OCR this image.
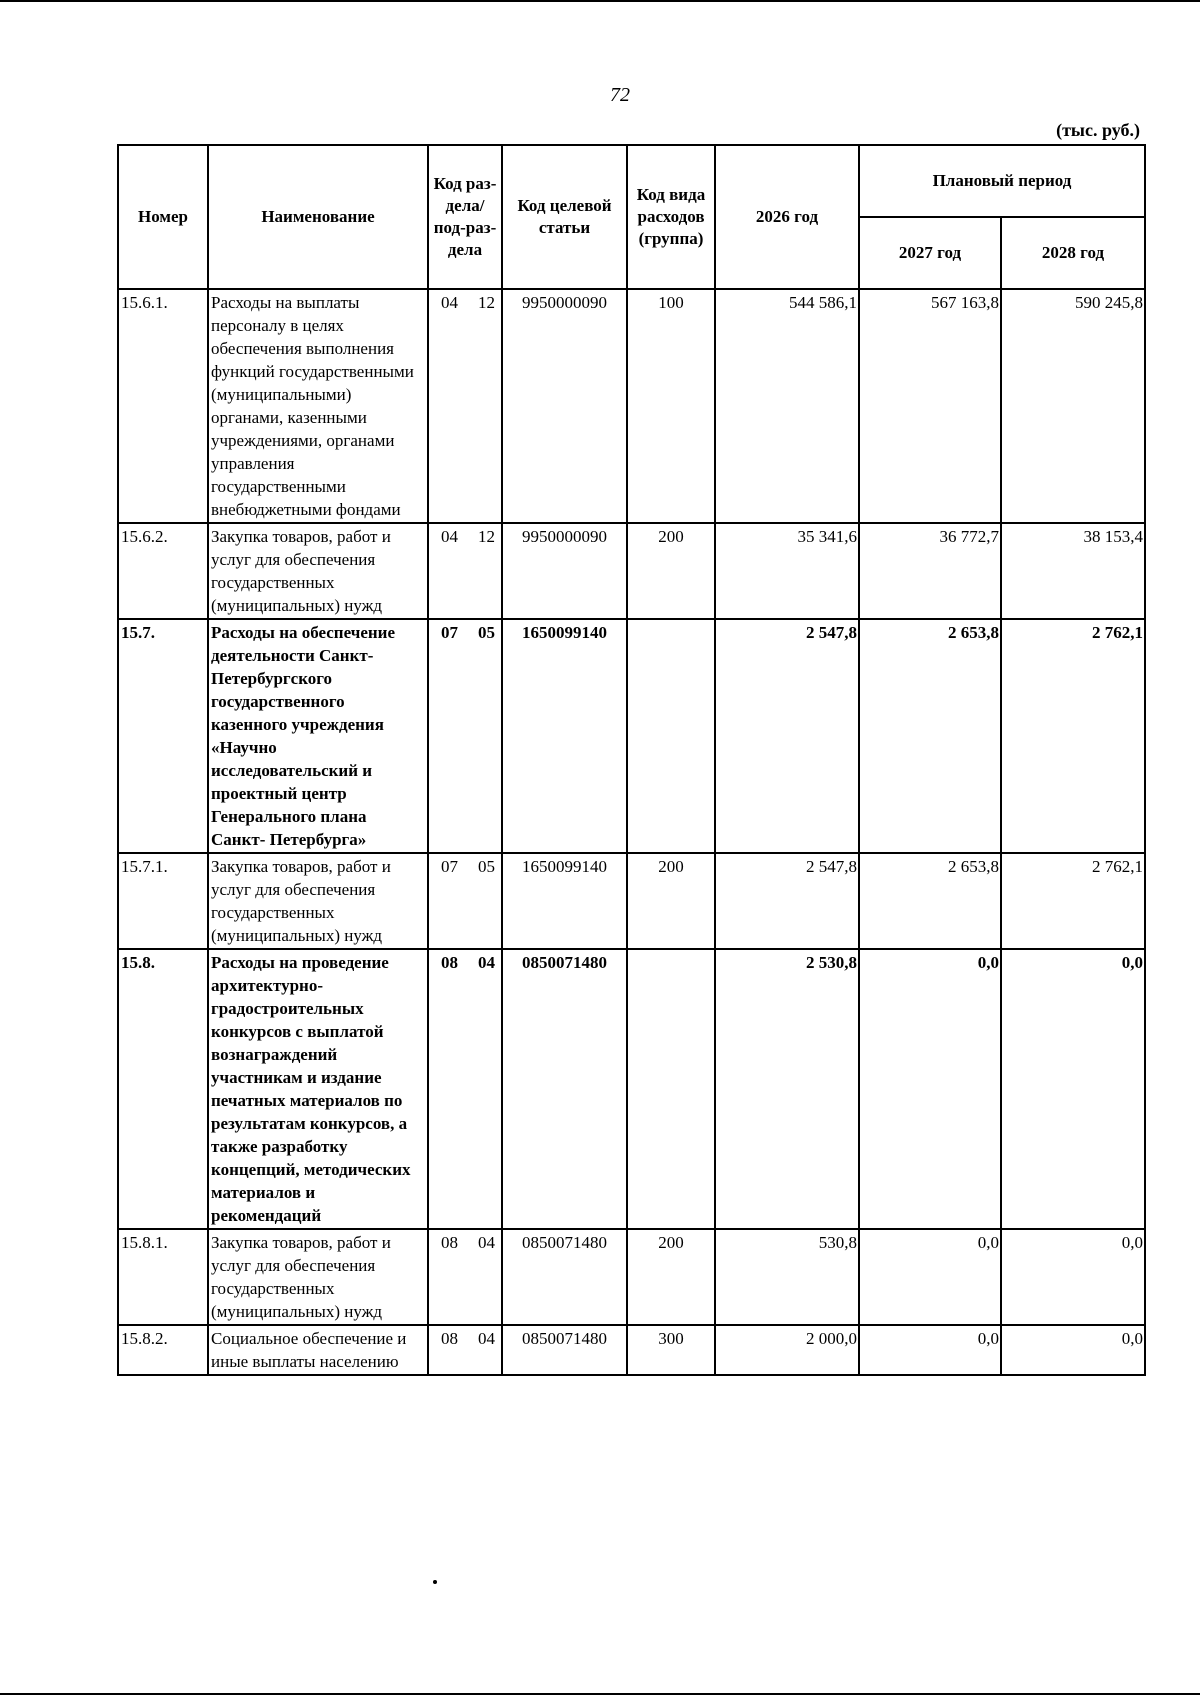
72
(тыс. руб.)
Номер	Наименование	Код раз-дела/ под-раз-дела	Код целевой статьи	Код вида расходов (группа)	2026 год	Плановый период	
						2027 год	2028 год
15.6.1.	Расходы на выплаты персоналу в целях обеспечения выполнения функций государственными (муниципальными) органами, казенными учреждениями, органами управления государственными внебюджетными фондами	04 12	9950000090	100	544 586,1	567 163,8	590 245,8
15.6.2.	Закупка товаров, работ и услуг для обеспечения государственных (муниципальных) нужд	04 12	9950000090	200	35 341,6	36 772,7	38 153,4
15.7.	Расходы на обеспечение деятельности Санкт-Петербургского государственного казенного учреждения «Научно исследовательский и проектный центр Генерального плана Санкт- Петербурга»	07 05	1650099140		2 547,8	2 653,8	2 762,1
15.7.1.	Закупка товаров, работ и услуг для обеспечения государственных (муниципальных) нужд	07 05	1650099140	200	2 547,8	2 653,8	2 762,1
15.8.	Расходы на проведение архитектурно-градостроительных конкурсов с выплатой вознаграждений участникам и издание печатных материалов по результатам конкурсов, а также разработку концепций, методических материалов и рекомендаций	08 04	0850071480		2 530,8	0,0	0,0
15.8.1.	Закупка товаров, работ и услуг для обеспечения государственных (муниципальных) нужд	08 04	0850071480	200	530,8	0,0	0,0
15.8.2.	Социальное обеспечение и иные выплаты населению	08 04	0850071480	300	2 000,0	0,0	0,0
